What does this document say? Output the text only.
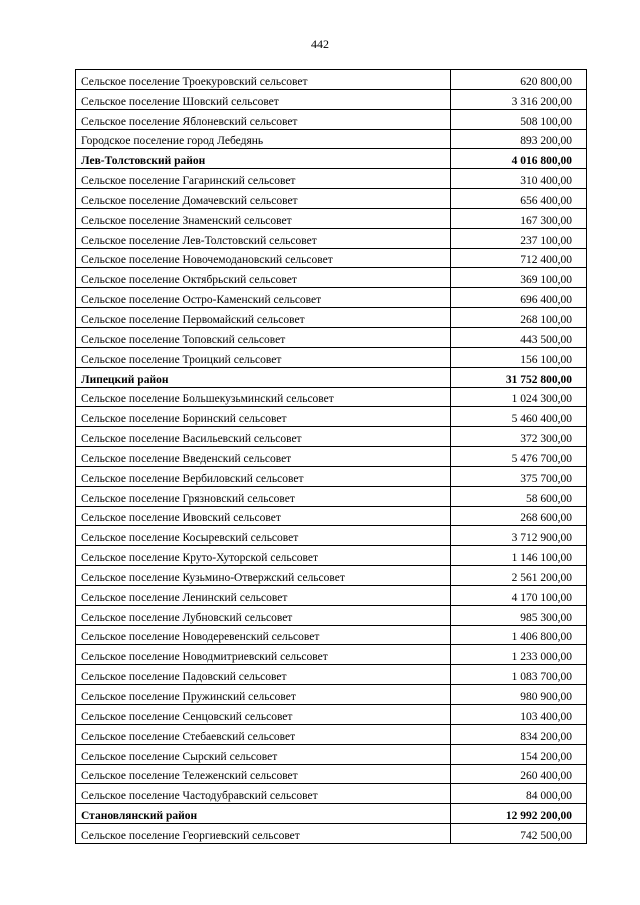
442
Сельское поселение Троекуровский сельсовет	620 800,00
Сельское поселение Шовский сельсовет	3 316 200,00
Сельское поселение Яблоневский сельсовет	508 100,00
Городское поселение город Лебедянь	893 200,00
Лев-Толстовский район	4 016 800,00
Сельское поселение Гагаринский сельсовет	310 400,00
Сельское поселение Домачевский сельсовет	656 400,00
Сельское поселение Знаменский сельсовет	167 300,00
Сельское поселение Лев-Толстовский сельсовет	237 100,00
Сельское поселение Новочемодановский сельсовет	712 400,00
Сельское поселение Октябрьский сельсовет	369 100,00
Сельское поселение Остро-Каменский сельсовет	696 400,00
Сельское поселение Первомайский сельсовет	268 100,00
Сельское поселение Топовский сельсовет	443 500,00
Сельское поселение Троицкий сельсовет	156 100,00
Липецкий район	31 752 800,00
Сельское поселение Большекузьминский сельсовет	1 024 300,00
Сельское поселение Боринский сельсовет	5 460 400,00
Сельское поселение Васильевский сельсовет	372 300,00
Сельское поселение Введенский сельсовет	5 476 700,00
Сельское поселение Вербиловский сельсовет	375 700,00
Сельское поселение Грязновский сельсовет	58 600,00
Сельское поселение Ивовский сельсовет	268 600,00
Сельское поселение Косыревский сельсовет	3 712 900,00
Сельское поселение Круто-Хуторской сельсовет	1 146 100,00
Сельское поселение Кузьмино-Отвержский сельсовет	2 561 200,00
Сельское поселение Ленинский сельсовет	4 170 100,00
Сельское поселение Лубновский сельсовет	985 300,00
Сельское поселение Новодеревенский сельсовет	1 406 800,00
Сельское поселение Новодмитриевский сельсовет	1 233 000,00
Сельское поселение Падовский сельсовет	1 083 700,00
Сельское поселение Пружинский сельсовет	980 900,00
Сельское поселение Сенцовский сельсовет	103 400,00
Сельское поселение Стебаевский сельсовет	834 200,00
Сельское поселение Сырский сельсовет	154 200,00
Сельское поселение Тележенский сельсовет	260 400,00
Сельское поселение Частодубравский сельсовет	84 000,00
Становлянский район	12 992 200,00
Сельское поселение Георгиевский сельсовет	742 500,00
